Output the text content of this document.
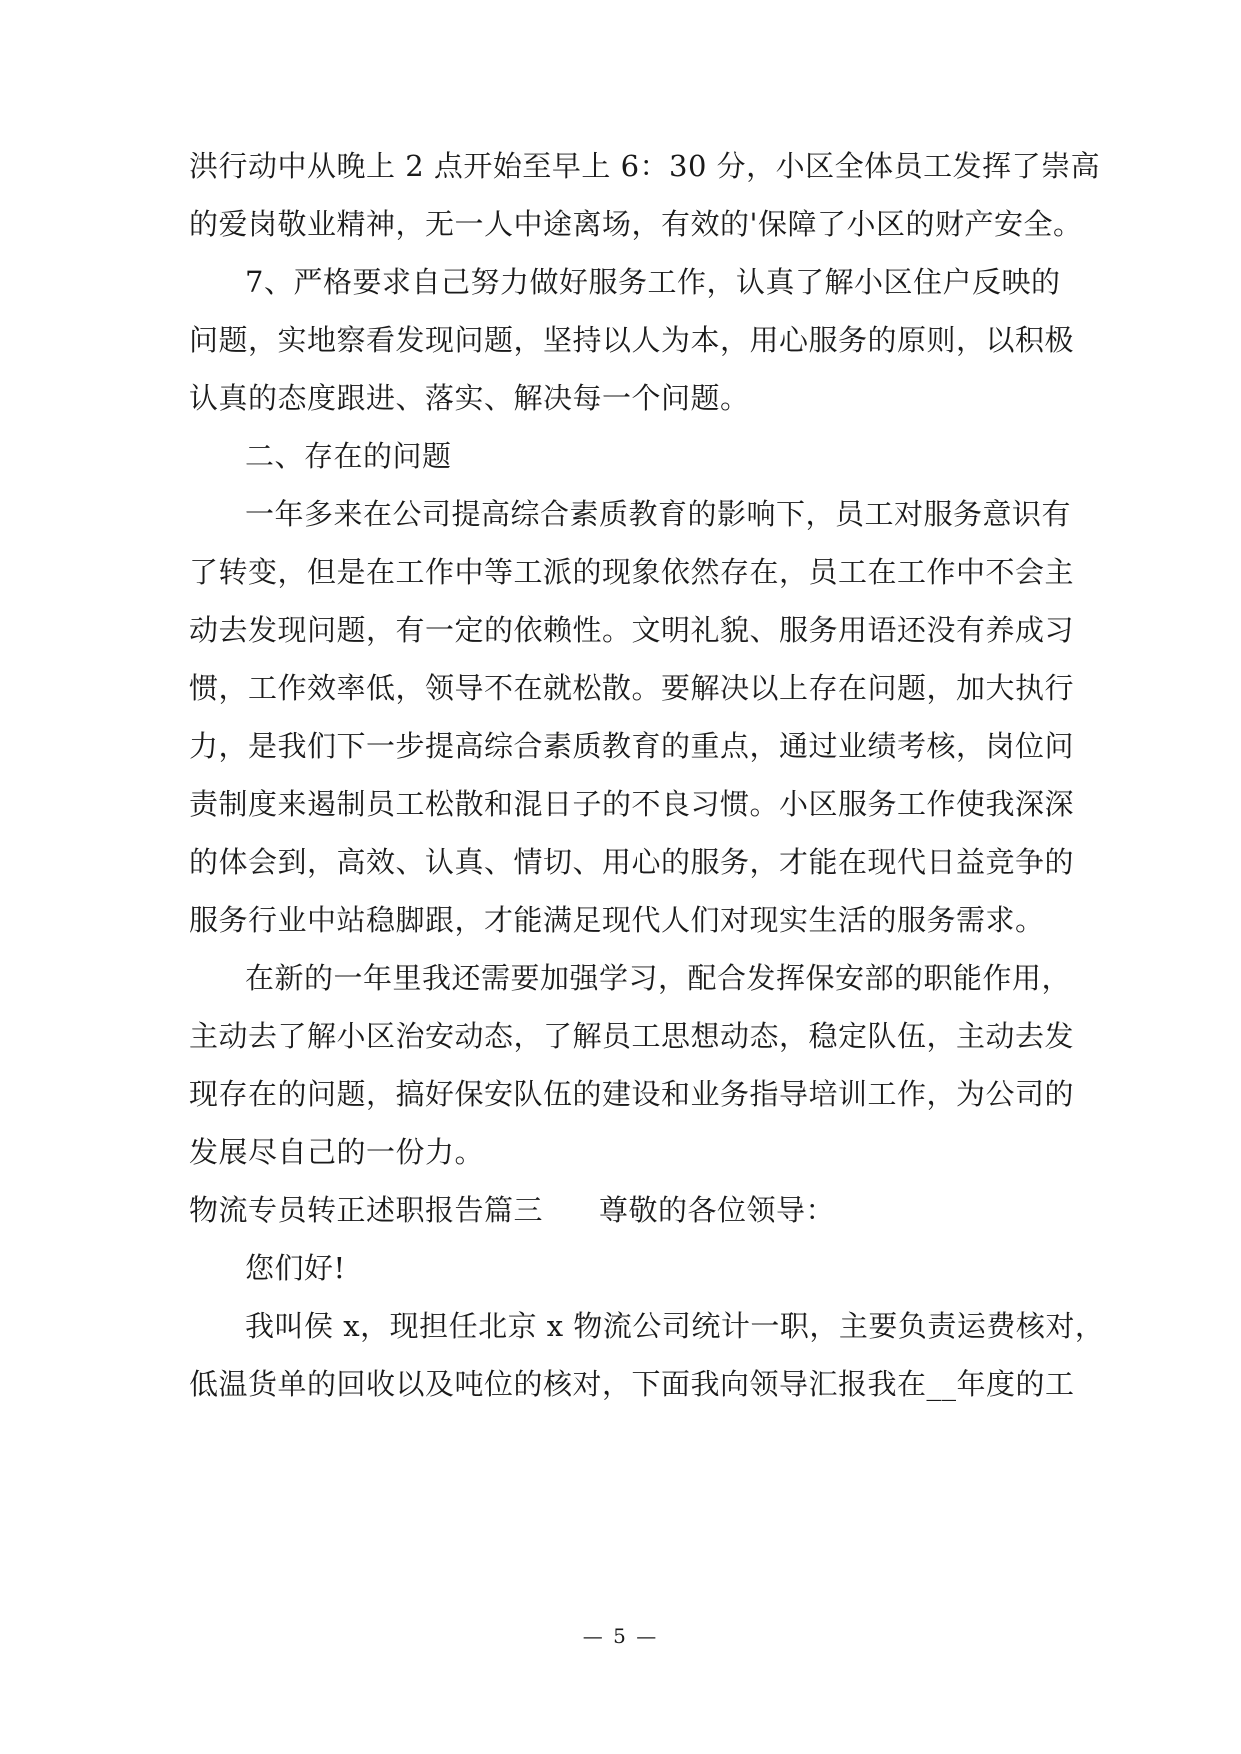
洪行动中从晚上 2 点开始至早上 6：30 分，小区全体员工发挥了崇高
的爱岗敬业精神，无一人中途离场，有效的'保障了小区的财产安全。
7、严格要求自己努力做好服务工作，认真了解小区住户反映的
问题，实地察看发现问题，坚持以人为本，用心服务的原则，以积极
认真的态度跟进、落实、解决每一个问题。
二、存在的问题
一年多来在公司提高综合素质教育的影响下，员工对服务意识有
了转变，但是在工作中等工派的现象依然存在，员工在工作中不会主
动去发现问题，有一定的依赖性。文明礼貌、服务用语还没有养成习
惯，工作效率低，领导不在就松散。要解决以上存在问题，加大执行
力，是我们下一步提高综合素质教育的重点，通过业绩考核，岗位问
责制度来遏制员工松散和混日子的不良习惯。小区服务工作使我深深
的体会到，高效、认真、情切、用心的服务，才能在现代日益竞争的
服务行业中站稳脚跟，才能满足现代人们对现实生活的服务需求。
在新的一年里我还需要加强学习，配合发挥保安部的职能作用，
主动去了解小区治安动态，了解员工思想动态，稳定队伍，主动去发
现存在的问题，搞好保安队伍的建设和业务指导培训工作，为公司的
发展尽自己的一份力。
物流专员转正述职报告篇三 尊敬的各位领导：
您们好!
我叫侯 x，现担任北京 x 物流公司统计一职，主要负责运费核对，
低温货单的回收以及吨位的核对，下面我向领导汇报我在__年度的工
— 5 —
